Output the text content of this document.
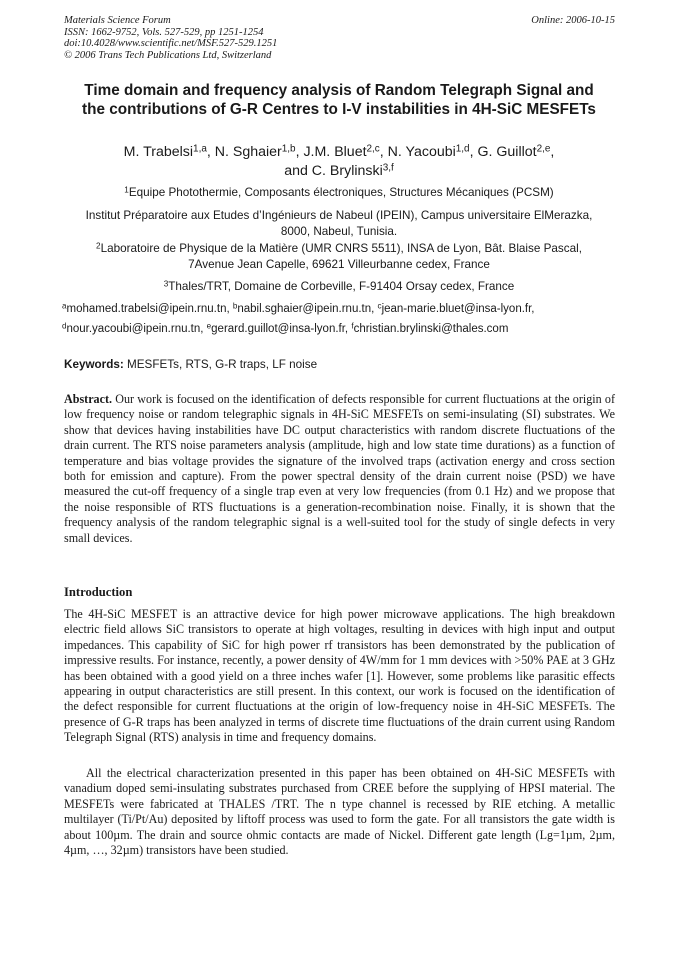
Materials Science Forum
ISSN: 1662-9752, Vols. 527-529, pp 1251-1254
doi:10.4028/www.scientific.net/MSF.527-529.1251
© 2006 Trans Tech Publications Ltd, Switzerland
Online: 2006-10-15
Time domain and frequency analysis of Random Telegraph Signal and
the contributions of G-R Centres to I-V instabilities in 4H-SiC MESFETs
M. Trabelsi$^{1,a}$, N. Sghaier$^{1,b}$, J.M. Bluet$^{2,c}$, N. Yacoubi$^{1,d}$, G. Guillot$^{2,e}$,
and C. Brylinski$^{3,f}$
$^1$Equipe Photothermie, Composants électroniques, Structures Mécaniques (PCSM)
Institut Préparatoire aux Etudes d’Ingénieurs de Nabeul (IPEIN), Campus universitaire ElMerazka,
8000, Nabeul, Tunisia.
$^2$Laboratoire de Physique de la Matière (UMR CNRS 5511), INSA de Lyon, Bât. Blaise Pascal,
7Avenue Jean Capelle, 69621 Villeurbanne cedex, France
$^3$Thales/TRT, Domaine de Corbeville, F-91404 Orsay cedex, France
$^a$mohamed.trabelsi@ipein.rnu.tn, $^b$nabil.sghaier@ipein.rnu.tn, $^c$jean-marie.bluet@insa-lyon.fr,
$^d$nour.yacoubi@ipein.rnu.tn, $^e$gerard.guillot@insa-lyon.fr, $^f$christian.brylinski@thales.com
Keywords: MESFETs, RTS, G-R traps, LF noise
Abstract. Our work is focused on the identification of defects responsible for current fluctuations at the origin of low frequency noise or random telegraphic signals in 4H-SiC MESFETs on semi-insulating (SI) substrates. We show that devices having instabilities have DC output characteristics with random discrete fluctuations of the drain current. The RTS noise parameters analysis (amplitude, high and low state time durations) as a function of temperature and bias voltage provides the signature of the involved traps (activation energy and cross section both for emission and capture). From the power spectral density of the drain current noise (PSD) we have measured the cut-off frequency of a single trap even at very low frequencies (from 0.1 Hz) and we propose that the noise responsible of RTS fluctuations is a generation-recombination noise. Finally, it is shown that the frequency analysis of the random telegraphic signal is a well-suited tool for the study of single defects in very small devices.
Introduction
The 4H-SiC MESFET is an attractive device for high power microwave applications. The high breakdown electric field allows SiC transistors to operate at high voltages, resulting in devices with high input and output impedances. This capability of SiC for high power rf transistors has been demonstrated by the publication of impressive results. For instance, recently, a power density of 4W/mm for 1 mm devices with >50% PAE at 3 GHz has been obtained with a good yield on a three inches wafer [1]. However, some problems like parasitic effects appearing in output characteristics are still present. In this context, our work is focused on the identification of the defect responsible for current fluctuations at the origin of low-frequency noise in 4H-SiC MESFETs. The presence of G-R traps has been analyzed in terms of discrete time fluctuations of the drain current using Random Telegraph Signal (RTS) analysis in time and frequency domains.
All the electrical characterization presented in this paper has been obtained on 4H-SiC MESFETs with vanadium doped semi-insulating substrates purchased from CREE before the supplying of HPSI material. The MESFETs were fabricated at THALES /TRT. The n type channel is recessed by RIE etching. A metallic multilayer (Ti/Pt/Au) deposited by liftoff process was used to form the gate. For all transistors the gate width is about 100µm. The drain and source ohmic contacts are made of Nickel. Different gate length (Lg=1µm, 2µm, 4µm, …, 32µm) transistors have been studied.
